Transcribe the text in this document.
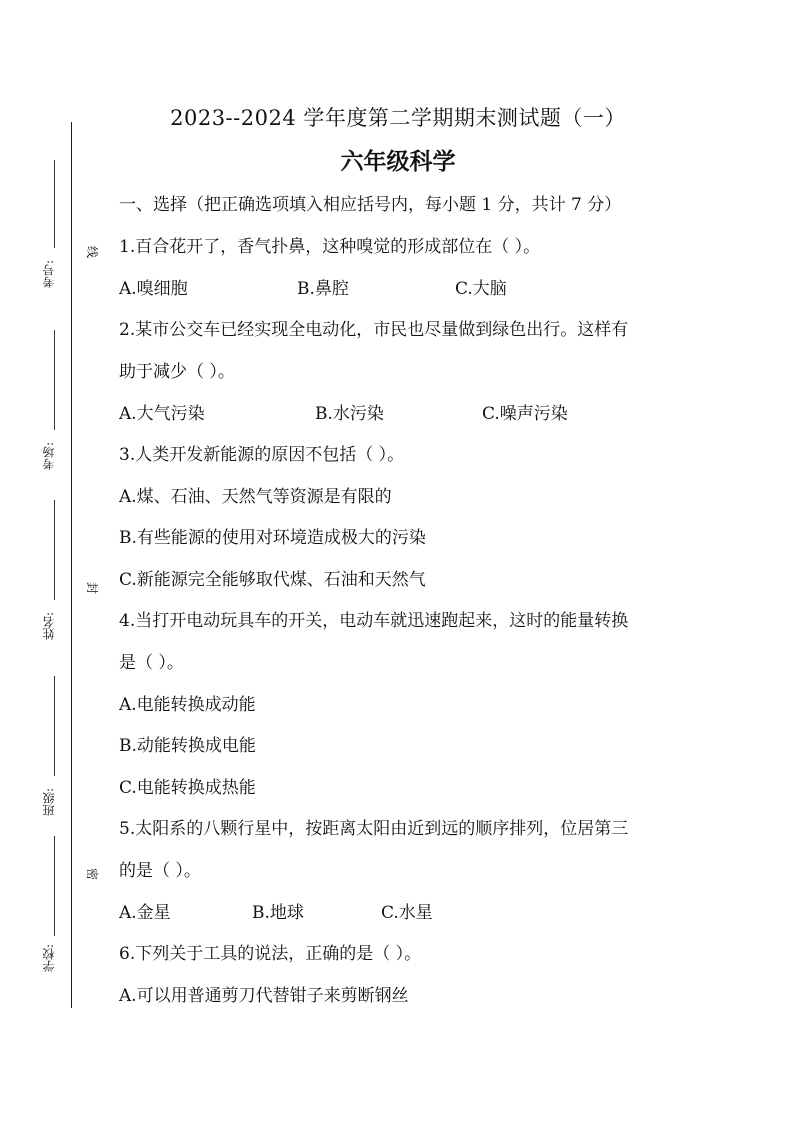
考号:
考场:
姓名:
班级:
学校:
线
封
密
2023--2024 学年度第二学期期末测试题（一）
六年级科学
一、选择（把正确选项填入相应括号内，每小题 1 分，共计 7 分）
1.百合花开了，香气扑鼻，这种嗅觉的形成部位在（ ）。
A.嗅细胞	B.鼻腔	C.大脑
2.某市公交车已经实现全电动化，市民也尽量做到绿色出行。这样有
助于减少（ ）。
A.大气污染	B.水污染	C.噪声污染
3.人类开发新能源的原因不包括（ ）。
A.煤、石油、天然气等资源是有限的
B.有些能源的使用对环境造成极大的污染
C.新能源完全能够取代煤、石油和天然气
4.当打开电动玩具车的开关，电动车就迅速跑起来，这时的能量转换
是（ ）。
A.电能转换成动能
B.动能转换成电能
C.电能转换成热能
5.太阳系的八颗行星中，按距离太阳由近到远的顺序排列，位居第三
的是（ ）。
A.金星	B.地球	C.水星
6.下列关于工具的说法，正确的是（ ）。
A.可以用普通剪刀代替钳子来剪断钢丝
